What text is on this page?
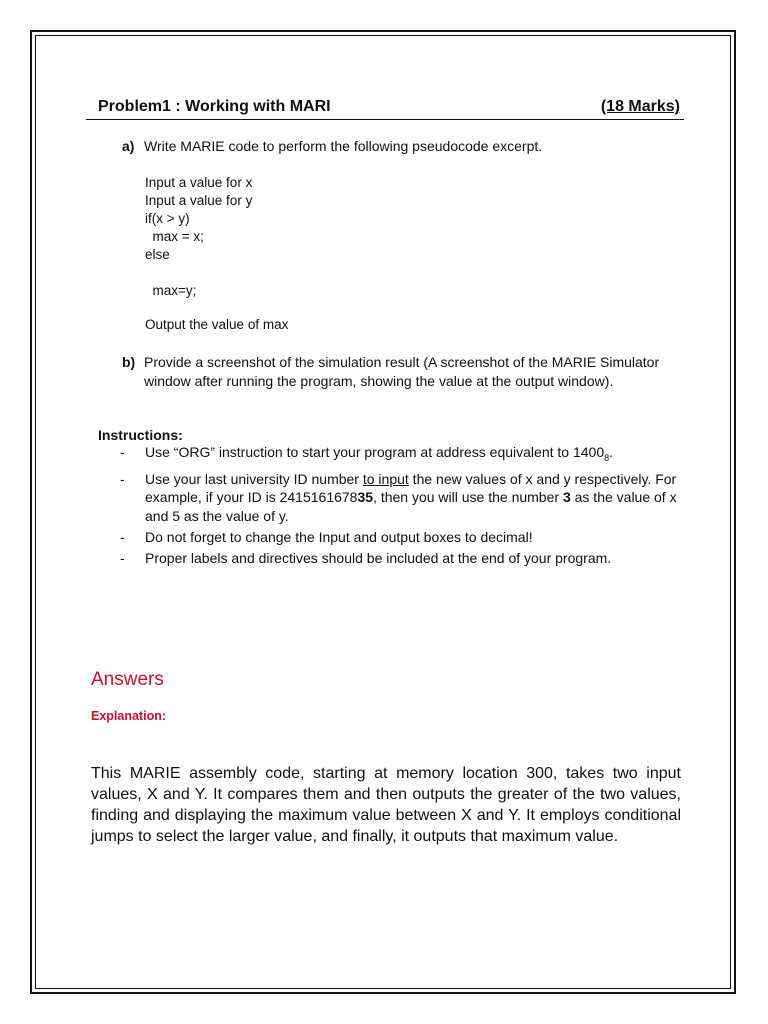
Problem1 : Working with MARI	(18 Marks)
a) Write MARIE code to perform the following pseudocode excerpt.
Input a value for x
Input a value for y
if(x > y)
max = x;
else
max=y;
Output the value of max
b) Provide a screenshot of the simulation result (A screenshot of the MARIE Simulator window after running the program, showing the value at the output window).
Instructions:
-	Use “ORG” instruction to start your program at address equivalent to $1400_8$.
-	Use your last university ID number to input the new values of x and y respectively. For example, if your ID is 241516167835, then you will use the number 3 as the value of x and 5 as the value of y.
-	Do not forget to change the Input and output boxes to decimal!
-	Proper labels and directives should be included at the end of your program.
Answers
Explanation:
This MARIE assembly code, starting at memory location 300, takes two input values, X and Y. It compares them and then outputs the greater of the two values, finding and displaying the maximum value between X and Y. It employs conditional jumps to select the larger value, and finally, it outputs that maximum value.
